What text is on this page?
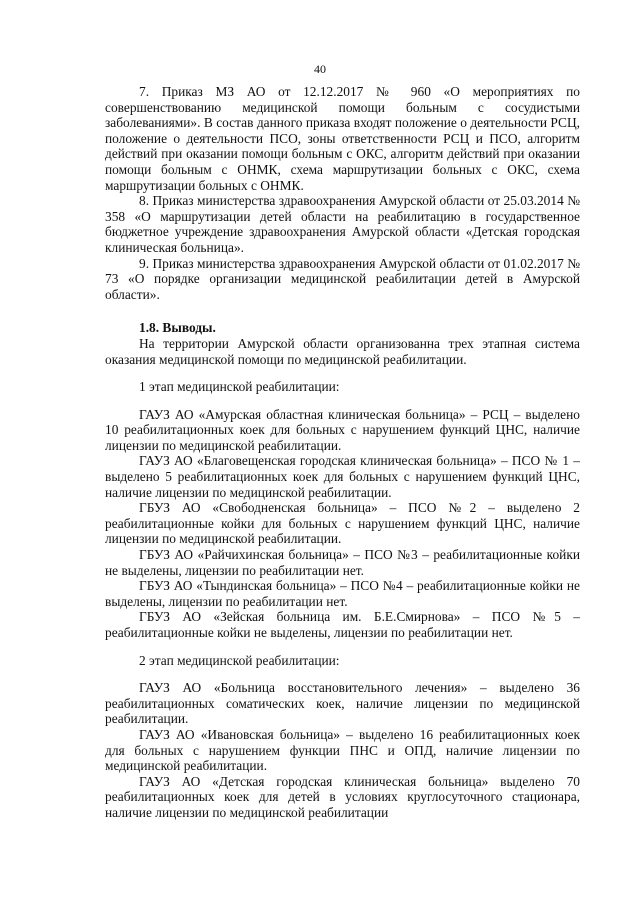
40

7. Приказ МЗ АО от 12.12.2017 № 960 «О мероприятиях по совершенствованию медицинской помощи больным с сосудистыми заболеваниями». В состав данного приказа входят положение о деятельности РСЦ, положение о деятельности ПСО, зоны ответственности РСЦ и ПСО, алгоритм действий при оказании помощи больным с ОКС, алгоритм действий при оказании помощи больным с ОНМК, схема маршрутизации больных с ОКС, схема маршрутизации больных с ОНМК.

8. Приказ министерства здравоохранения Амурской области от 25.03.2014 № 358 «О маршрутизации детей области на реабилитацию в государственное бюджетное учреждение здравоохранения Амурской области «Детская городская клиническая больница».

9. Приказ министерства здравоохранения Амурской области от 01.02.2017 № 73 «О порядке организации медицинской реабилитации детей в Амурской области».

1.8. Выводы.

На территории Амурской области организованна трех этапная система оказания медицинской помощи по медицинской реабилитации.

1 этап медицинской реабилитации:

ГАУЗ АО «Амурская областная клиническая больница» – РСЦ – выделено 10 реабилитационных коек для больных с нарушением функций ЦНС, наличие лицензии по медицинской реабилитации.

ГАУЗ АО «Благовещенская городская клиническая больница» – ПСО № 1 – выделено 5 реабилитационных коек для больных с нарушением функций ЦНС, наличие лицензии по медицинской реабилитации.

ГБУЗ АО «Свободненская больница» – ПСО №2 – выделено 2 реабилитационные койки для больных с нарушением функций ЦНС, наличие лицензии по медицинской реабилитации.

ГБУЗ АО «Райчихинская больница» – ПСО №3 – реабилитационные койки не выделены, лицензии по реабилитации нет.

ГБУЗ АО «Тындинская больница» – ПСО №4 – реабилитационные койки не выделены, лицензии по реабилитации нет.

ГБУЗ АО «Зейская больница им. Б.Е.Смирнова» – ПСО №5 – реабилитационные койки не выделены, лицензии по реабилитации нет.

2 этап медицинской реабилитации:

ГАУЗ АО «Больница восстановительного лечения» – выделено 36 реабилитационных соматических коек, наличие лицензии по медицинской реабилитации.

ГАУЗ АО «Ивановская больница» – выделено 16 реабилитационных коек для больных с нарушением функции ПНС и ОПД, наличие лицензии по медицинской реабилитации.

ГАУЗ АО «Детская городская клиническая больница» выделено 70 реабилитационных коек для детей в условиях круглосуточного стационара, наличие лицензии по медицинской реабилитации
